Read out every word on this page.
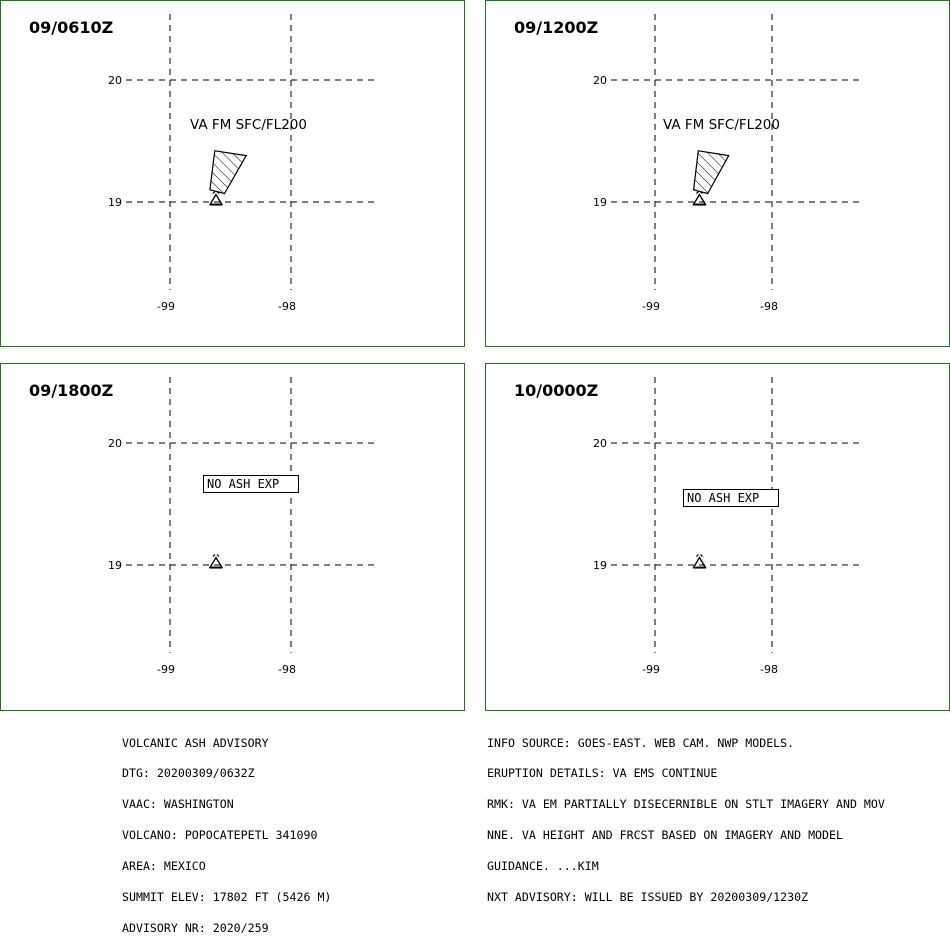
20
19
-99	-98
09/0610Z
VA FM SFC/FL200
20
19
-99	-98
09/1200Z
VA FM SFC/FL200
20
19
-99	-98
09/1800Z
NO ASH EXP
20
19
-99	-98
10/0000Z
NO ASH EXP

VOLCANIC ASH ADVISORY

DTG: 20200309/0632Z

VAAC: WASHINGTON

VOLCANO: POPOCATEPETL 341090

AREA: MEXICO

SUMMIT ELEV: 17802 FT (5426 M)

ADVISORY NR: 2020/259

INFO SOURCE: GOES-EAST. WEB CAM. NWP MODELS.

ERUPTION DETAILS: VA EMS CONTINUE

RMK: VA EM PARTIALLY DISECERNIBLE ON STLT IMAGERY AND MOV

NNE. VA HEIGHT AND FRCST BASED ON IMAGERY AND MODEL

GUIDANCE. ...KIM

NXT ADVISORY: WILL BE ISSUED BY 20200309/1230Z
